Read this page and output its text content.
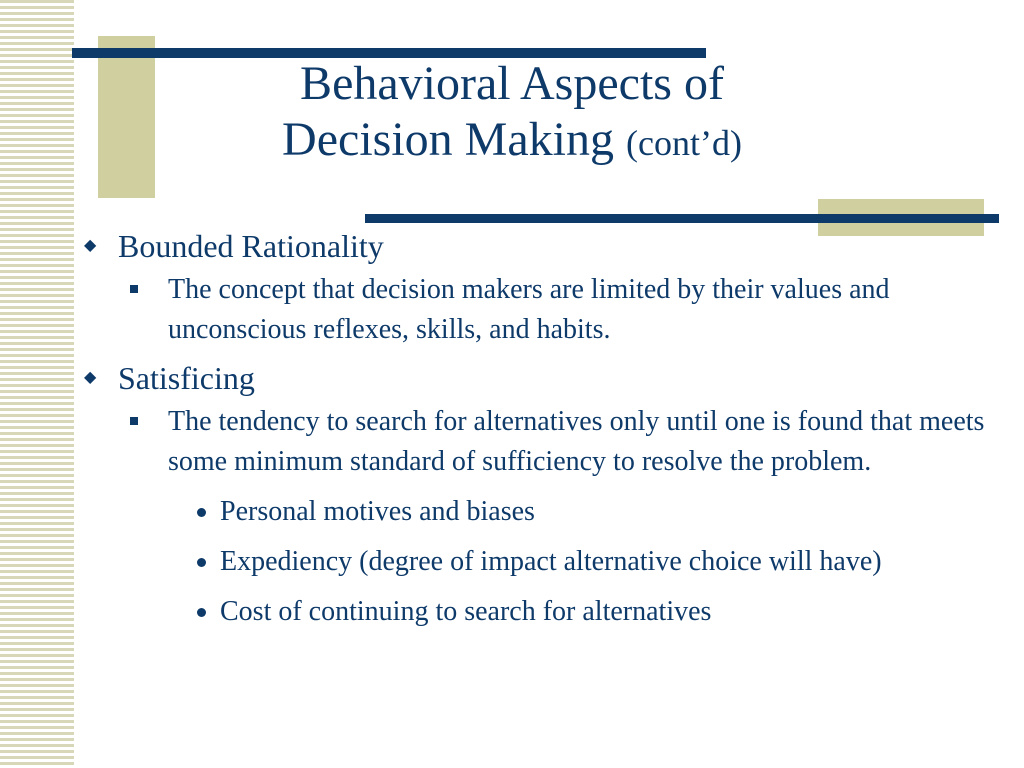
Behavioral Aspects of
Decision Making (cont’d)
◆ Bounded Rationality
The concept that decision makers are limited by their values and unconscious reflexes, skills, and habits.
◆ Satisficing
The tendency to search for alternatives only until one is found that meets some minimum standard of sufficiency to resolve the problem.
Personal motives and biases
Expediency (degree of impact alternative choice will have)
Cost of continuing to search for alternatives
